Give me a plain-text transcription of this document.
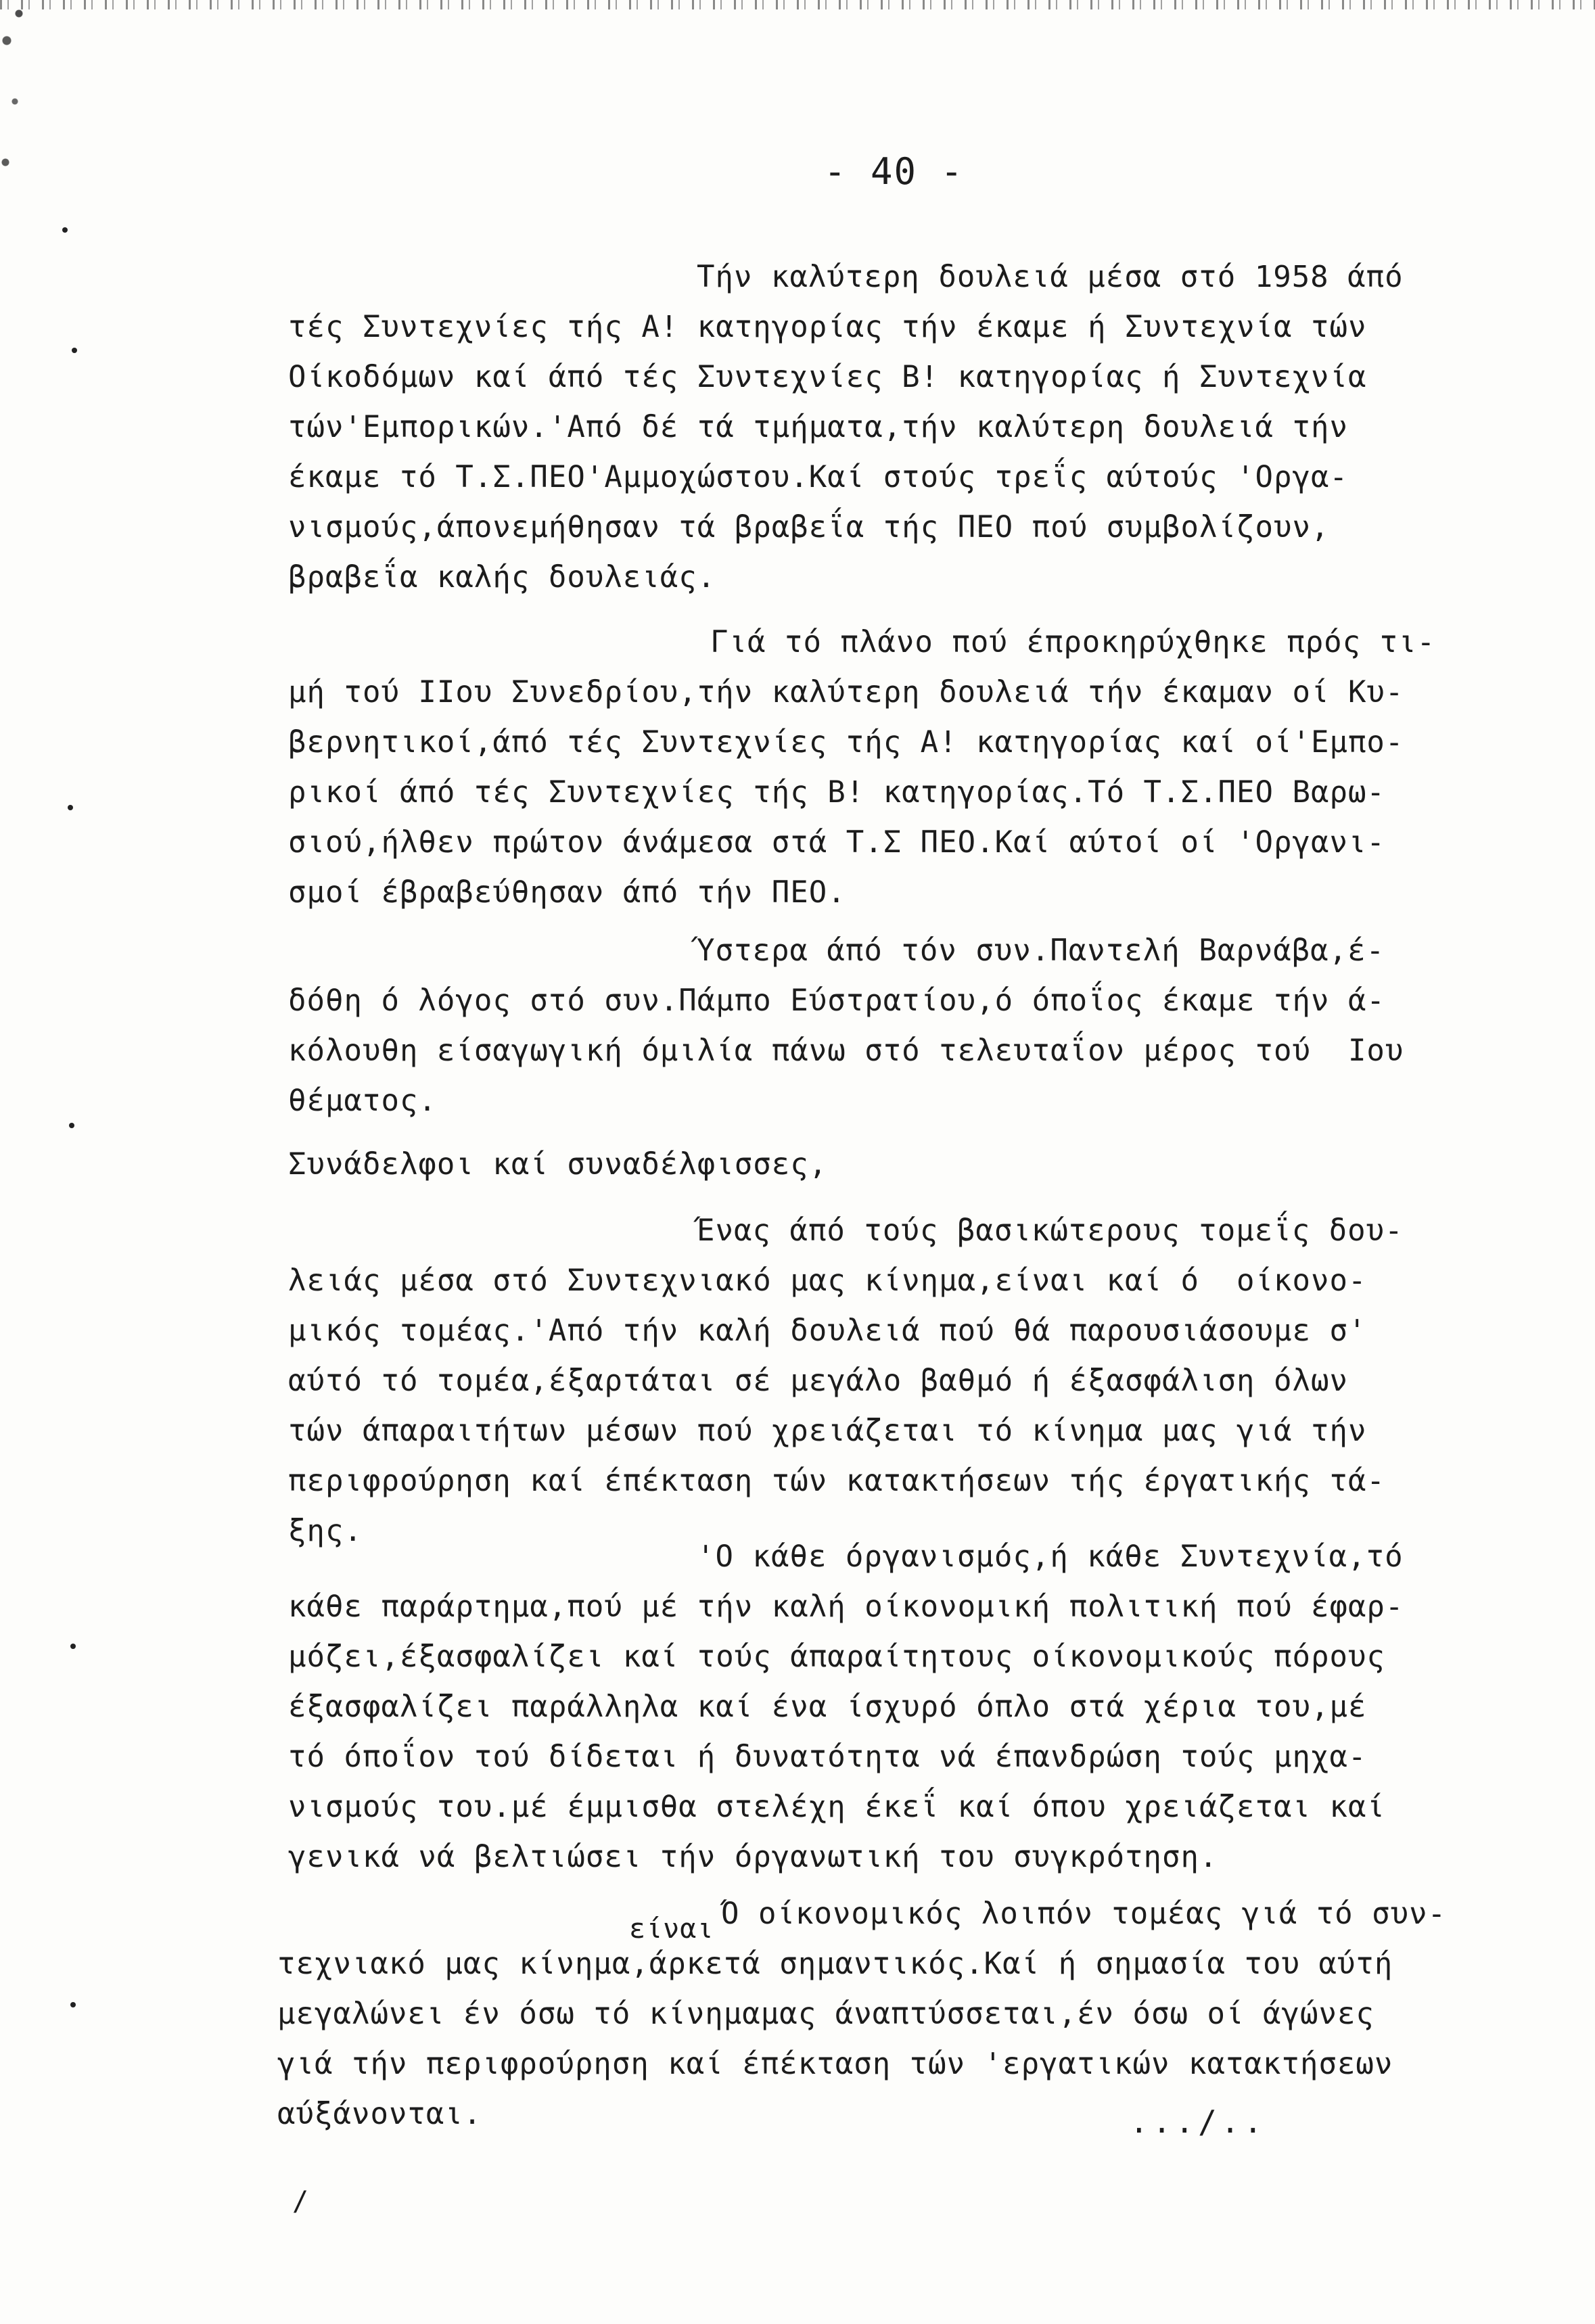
- 40 -
Τήν καλύτερη δουλειά μέσα στό 1958 άπό
τές Συντεχνίες τής Α! κατηγορίας τήν έκαμε ή Συντεχνία τών
Οίκοδόμων καί άπό τές Συντεχνίες Β! κατηγορίας ή Συντεχνία
τών'Εμπορικών.'Από δέ τά τμήματα,τήν καλύτερη δουλειά τήν
έκαμε τό Τ.Σ.ΠΕΟ'Αμμοχώστου.Καί στούς τρεΐς αύτούς 'Οργα-
νισμούς,άπονεμήθησαν τά βραβεΐα τής ΠΕΟ πού συμβολίζουν,
βραβεΐα καλής δουλειάς.
Γιά τό πλάνο πού έπροκηρύχθηκε πρός τι-
μή τού ΙΙου Συνεδρίου,τήν καλύτερη δουλειά τήν έκαμαν οί Κυ-
βερνητικοί,άπό τές Συντεχνίες τής Α! κατηγορίας καί οί'Εμπο-
ρικοί άπό τές Συντεχνίες τής Β! κατηγορίας.Τό Τ.Σ.ΠΕΟ Βαρω-
σιού,ήλθεν πρώτον άνάμεσα στά Τ.Σ ΠΕΟ.Καί αύτοί οί 'Οργανι-
σμοί έβραβεύθησαν άπό τήν ΠΕΟ.
Ύστερα άπό τόν συν.Παντελή Βαρνάβα,έ-
δόθη ό λόγος στό συν.Πάμπο Εύστρατίου,ό όποΐος έκαμε τήν ά-
κόλουθη είσαγωγική όμιλία πάνω στό τελευταΐον μέρος τού  Ιου
θέματος.
Συνάδελφοι καί συναδέλφισσες,
Ένας άπό τούς βασικώτερους τομεΐς δου-
λειάς μέσα στό Συντεχνιακό μας κίνημα,είναι καί ό  οίκονο-
μικός τομέας.'Από τήν καλή δουλειά πού θά παρουσιάσουμε σ'
αύτό τό τομέα,έξαρτάται σέ μεγάλο βαθμό ή έξασφάλιση όλων
τών άπαραιτήτων μέσων πού χρειάζεται τό κίνημα μας γιά τήν
περιφρούρηση καί έπέκταση τών κατακτήσεων τής έργατικής τά-
ξης.
'Ο κάθε όργανισμός,ή κάθε Συντεχνία,τό
κάθε παράρτημα,πού μέ τήν καλή οίκονομική πολιτική πού έφαρ-
μόζει,έξασφαλίζει καί τούς άπαραίτητους οίκονομικούς πόρους
έξασφαλίζει παράλληλα καί ένα ίσχυρό όπλο στά χέρια του,μέ
τό όποΐον τού δίδεται ή δυνατότητα νά έπανδρώση τούς μηχα-
νισμούς του.μέ έμμισθα στελέχη έκεΐ καί όπου χρειάζεται καί
γενικά νά βελτιώσει τήν όργανωτική του συγκρότηση.
είναι Ό οίκονομικός λοιπόν τομέας γιά τό συν-
τεχνιακό μας κίνημα,άρκετά σημαντικός.Καί ή σημασία του αύτή
μεγαλώνει έν όσω τό κίνημαμας άναπτύσσεται,έν όσω οί άγώνες
γιά τήν περιφρούρηση καί έπέκταση τών 'εργατικών κατακτήσεων
αύξάνονται.	.../..
/
